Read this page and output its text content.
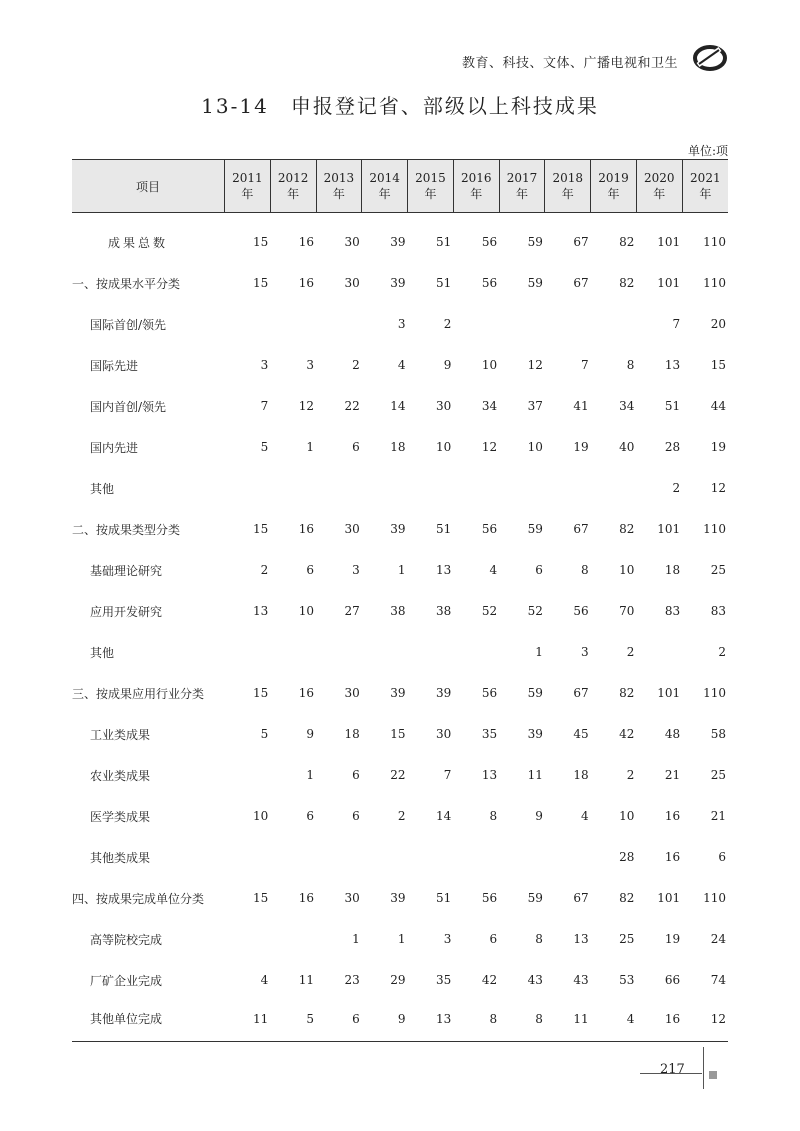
教育、科技、文体、广播电视和卫生
13-14 申报登记省、部级以上科技成果
单位:项
项目	2011 年	2012 年	2013 年	2014 年	2015 年	2016 年	2017 年	2018 年	2019 年	2020 年	2021 年
成果总数	15	16	30	39	51	56	59	67	82	101	110
一、按成果水平分类	15	16	30	39	51	56	59	67	82	101	110
国际首创/领先				3	2					7	20
国际先进	3	3	2	4	9	10	12	7	8	13	15
国内首创/领先	7	12	22	14	30	34	37	41	34	51	44
国内先进	5	1	6	18	10	12	10	19	40	28	19
其他										2	12
二、按成果类型分类	15	16	30	39	51	56	59	67	82	101	110
基础理论研究	2	6	3	1	13	4	6	8	10	18	25
应用开发研究	13	10	27	38	38	52	52	56	70	83	83
其他							1	3	2		2
三、按成果应用行业分类	15	16	30	39	39	56	59	67	82	101	110
工业类成果	5	9	18	15	30	35	39	45	42	48	58
农业类成果		1	6	22	7	13	11	18	2	21	25
医学类成果	10	6	6	2	14	8	9	4	10	16	21
其他类成果									28	16	6
四、按成果完成单位分类	15	16	30	39	51	56	59	67	82	101	110
高等院校完成			1	1	3	6	8	13	25	19	24
厂矿企业完成	4	11	23	29	35	42	43	43	53	66	74
其他单位完成	11	5	6	9	13	8	8	11	4	16	12
217
